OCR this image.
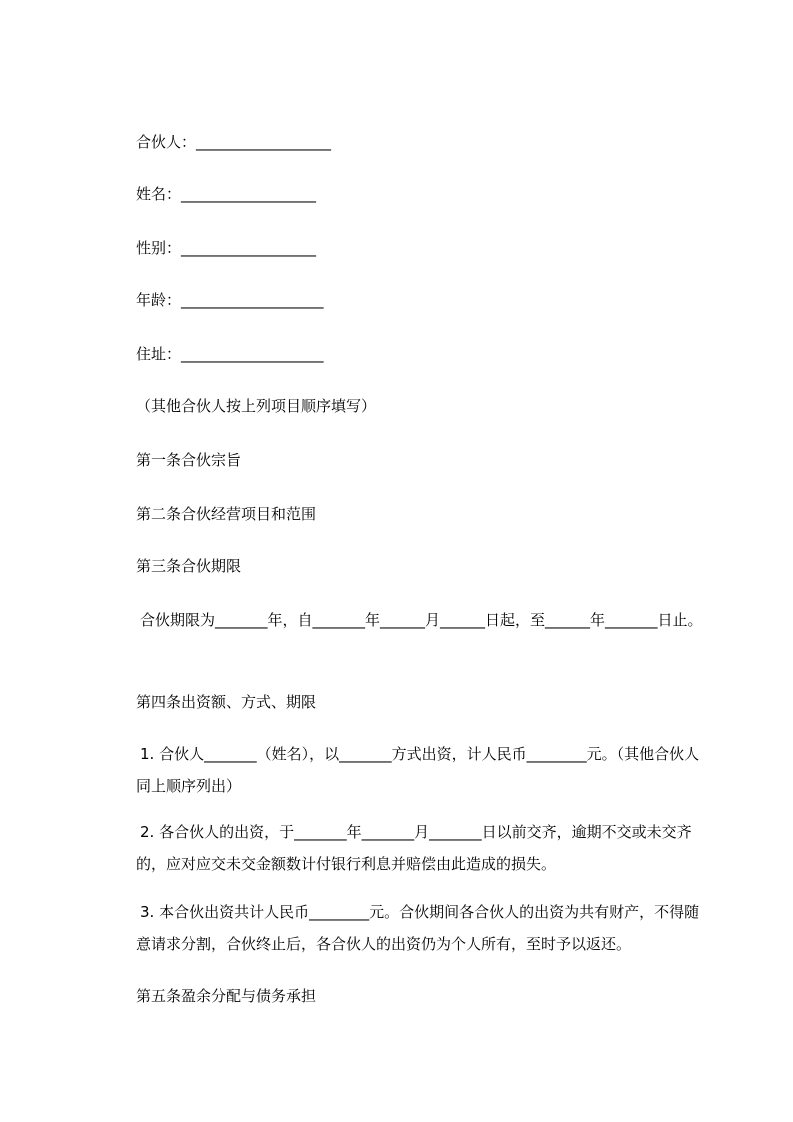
合伙人：__________________
姓名：__________________
性别：__________________
年龄：___________________
住址：___________________
（其他合伙人按上列项目顺序填写）
第一条合伙宗旨
第二条合伙经营项目和范围
第三条合伙期限
合伙期限为_______年，自_______年______月______日起，至______年_______日止。
第四条出资额、方式、期限
1. 合伙人_______（姓名），以_______方式出资，计人民币________元。（其他合伙人同上顺序列出）
2. 各合伙人的出资，于_______年_______月_______日以前交齐，逾期不交或未交齐的，应对应交未交金额数计付银行利息并赔偿由此造成的损失。
3. 本合伙出资共计人民币________元。合伙期间各合伙人的出资为共有财产，不得随意请求分割，合伙终止后，各合伙人的出资仍为个人所有，至时予以返还。
第五条盈余分配与债务承担
